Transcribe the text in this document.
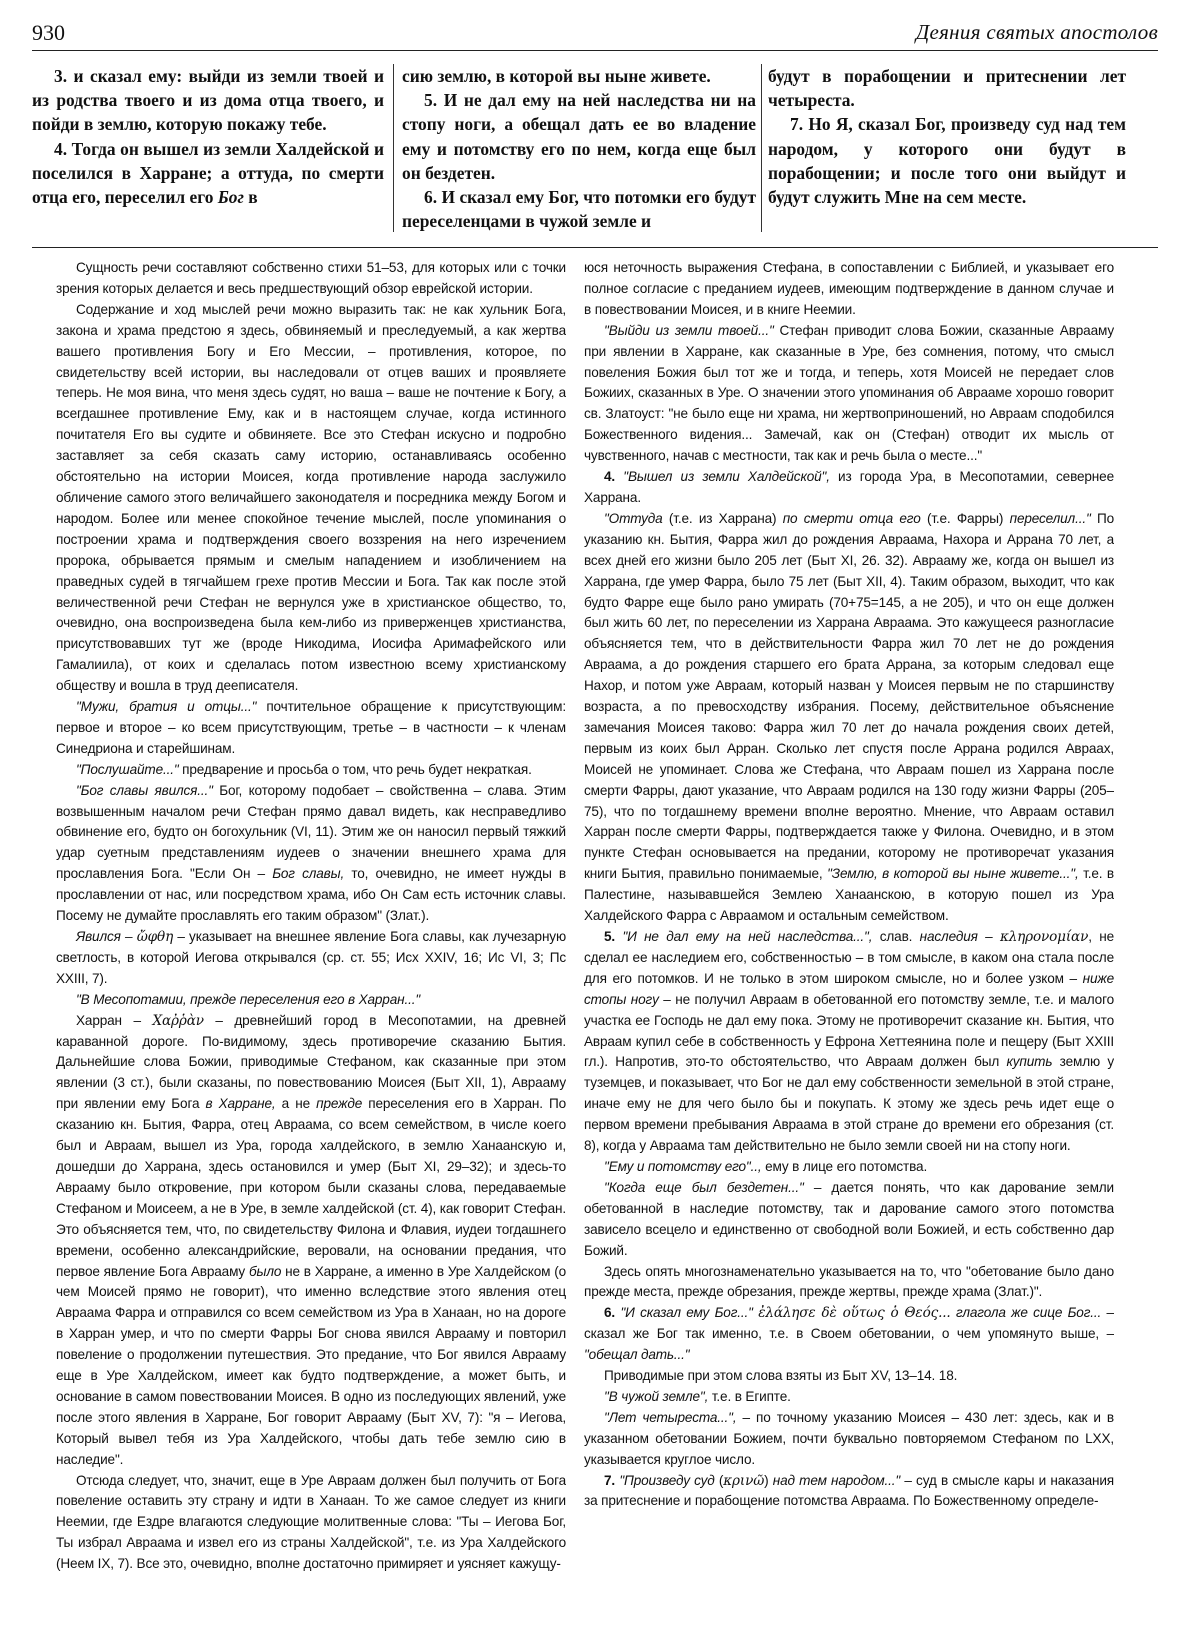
930	Деяния святых апостолов

3. и сказал ему: выйди из земли твоей и из родства твоего и из дома отца твоего, и пойди в землю, которую покажу тебе.

4. Тогда он вышел из земли Халдейской и поселился в Харране; а оттуда, по смерти отца его, переселил его Бог в

сию землю, в которой вы ныне живете.

5. И не дал ему на ней наследства ни на стопу ноги, а обещал дать ее во владение ему и потомству его по нем, когда еще был он бездетен.

6. И сказал ему Бог, что потомки его будут переселенцами в чужой земле и

будут в порабощении и притеснении лет четыреста.

7. Но Я, сказал Бог, произведу суд над тем народом, у которого они будут в порабощении; и после того они выйдут и будут служить Мне на сем месте.

Сущность речи составляют собственно стихи 51–53, для которых или с точки зрения которых делается и весь предшествующий обзор еврейской истории.

Содержание и ход мыслей речи можно выразить так: не как хульник Бога, закона и храма предстою я здесь, обвиняемый и преследуемый, а как жертва вашего противления Богу и Его Мессии, – противления, которое, по свидетельству всей истории, вы наследовали от отцев ваших и проявляете теперь. Не моя вина, что меня здесь судят, но ваша – ваше не почтение к Богу, а всегдашнее противление Ему, как и в настоящем случае, когда истинного почитателя Его вы судите и обвиняете. Все это Стефан искусно и подробно заставляет за себя сказать саму историю, останавливаясь особенно обстоятельно на истории Моисея, когда противление народа заслужило обличение самого этого величайшего законодателя и посредника между Богом и народом. Более или менее спокойное течение мыслей, после упоминания о построении храма и подтверждения своего воззрения на него изречением пророка, обрывается прямым и смелым нападением и изобличением на праведных судей в тягчайшем грехе против Мессии и Бога. Так как после этой величественной речи Стефан не вернулся уже в христианское общество, то, очевидно, она воспроизведена была кем-либо из приверженцев христианства, присутствовавших тут же (вроде Никодима, Иосифа Аримафейского или Гамалиила), от коих и сделалась потом известною всему христианскому обществу и вошла в труд дееписателя.

"Мужи, братия и отцы..." почтительное обращение к присутствующим: первое и второе – ко всем присутствующим, третье – в частности – к членам Синедриона и старейшинам.

"Послушайте..." предварение и просьба о том, что речь будет некраткая.

"Бог славы явился..." Бог, которому подобает – свойственна – слава. Этим возвышенным началом речи Стефан прямо давал видеть, как несправедливо обвинение его, будто он богохульник (VI, 11). Этим же он наносил первый тяжкий удар суетным представлениям иудеев о значении внешнего храма для прославления Бога. "Если Он – Бог славы, то, очевидно, не имеет нужды в прославлении от нас, или посредством храма, ибо Он Сам есть источник славы. Посему не думайте прославлять его таким образом" (Злат.).

Явился – ὤφθη – указывает на внешнее явление Бога славы, как лучезарную светлость, в которой Иегова открывался (ср. ст. 55; Исх XXIV, 16; Ис VI, 3; Пс XXIII, 7).

"В Месопотамии, прежде переселения его в Харран..."

Харран – Χαῤῥὰν – древнейший город в Месопотамии, на древней караванной дороге. По-видимому, здесь противоречие сказанию Бытия. Дальнейшие слова Божии, приводимые Стефаном, как сказанные при этом явлении (3 ст.), были сказаны, по повествованию Моисея (Быт XII, 1), Аврааму при явлении ему Бога в Харране, а не прежде переселения его в Харран. По сказанию кн. Бытия, Фарра, отец Авраама, со всем семейством, в числе коего был и Авраам, вышел из Ура, города халдейского, в землю Ханаанскую и, дошедши до Харрана, здесь остановился и умер (Быт XI, 29–32); и здесь-то Аврааму было откровение, при котором были сказаны слова, передаваемые Стефаном и Моисеем, а не в Уре, в земле халдейской (ст. 4), как говорит Стефан. Это объясняется тем, что, по свидетельству Филона и Флавия, иудеи тогдашнего времени, особенно александрийские, веровали, на основании предания, что первое явление Бога Аврааму было не в Харране, а именно в Уре Халдейском (о чем Моисей прямо не говорит), что именно вследствие этого явления отец Авраама Фарра и отправился со всем семейством из Ура в Ханаан, но на дороге в Харран умер, и что по смерти Фарры Бог снова явился Аврааму и повторил повеление о продолжении путешествия. Это предание, что Бог явился Аврааму еще в Уре Халдейском, имеет как будто подтверждение, а может быть, и основание в самом повествовании Моисея. В одно из последующих явлений, уже после этого явления в Харране, Бог говорит Аврааму (Быт XV, 7): "я – Иегова, Который вывел тебя из Ура Халдейского, чтобы дать тебе землю сию в наследие".

Отсюда следует, что, значит, еще в Уре Авраам должен был получить от Бога повеление оставить эту страну и идти в Ханаан. То же самое следует из книги Неемии, где Ездре влагаются следующие молитвенные слова: "Ты – Иегова Бог, Ты избрал Авраама и извел его из страны Халдейской", т.е. из Ура Халдейского (Неем IX, 7). Все это, очевидно, вполне достаточно примиряет и уясняет кажущу-

юся неточность выражения Стефана, в сопоставлении с Библией, и указывает его полное согласие с преданием иудеев, имеющим подтверждение в данном случае и в повествовании Моисея, и в книге Неемии.

"Выйди из земли твоей..." Стефан приводит слова Божии, сказанные Аврааму при явлении в Харране, как сказанные в Уре, без сомнения, потому, что смысл повеления Божия был тот же и тогда, и теперь, хотя Моисей не передает слов Божиих, сказанных в Уре. О значении этого упоминания об Аврааме хорошо говорит св. Златоуст: "не было еще ни храма, ни жертвоприношений, но Авраам сподобился Божественного видения... Замечай, как он (Стефан) отводит их мысль от чувственного, начав с местности, так как и речь была о месте..."

4. "Вышел из земли Халдейской", из города Ура, в Месопотамии, севернее Харрана.

"Оттуда (т.е. из Харрана) по смерти отца его (т.е. Фарры) переселил..." По указанию кн. Бытия, Фарра жил до рождения Авраама, Нахора и Аррана 70 лет, а всех дней его жизни было 205 лет (Быт XI, 26. 32). Аврааму же, когда он вышел из Харрана, где умер Фарра, было 75 лет (Быт XII, 4). Таким образом, выходит, что как будто Фарре еще было рано умирать (70+75=145, а не 205), и что он еще должен был жить 60 лет, по переселении из Харрана Авраама. Это кажущееся разногласие объясняется тем, что в действительности Фарра жил 70 лет не до рождения Авраама, а до рождения старшего его брата Аррана, за которым следовал еще Нахор, и потом уже Авраам, который назван у Моисея первым не по старшинству возраста, а по превосходству избрания. Посему, действительное объяснение замечания Моисея таково: Фарра жил 70 лет до начала рождения своих детей, первым из коих был Арран. Сколько лет спустя после Аррана родился Авраах, Моисей не упоминает. Слова же Стефана, что Авраам пошел из Харрана после смерти Фарры, дают указание, что Авраам родился на 130 году жизни Фарры (205–75), что по тогдашнему времени вполне вероятно. Мнение, что Авраам оставил Харран после смерти Фарры, подтверждается также у Филона. Очевидно, и в этом пункте Стефан основывается на предании, которому не противоречат указания книги Бытия, правильно понимаемые, "Землю, в которой вы ныне живете...", т.е. в Палестине, называвшейся Землею Ханаанскою, в которую пошел из Ура Халдейского Фарра с Авраамом и остальным семейством.

5. "И не дал ему на ней наследства...", слав. наследия – κληρονομίαν, не сделал ее наследием его, собственностью – в том смысле, в каком она стала после для его потомков. И не только в этом широком смысле, но и более узком – ниже стопы ногу – не получил Авраам в обетованной его потомству земле, т.е. и малого участка ее Господь не дал ему пока. Этому не противоречит сказание кн. Бытия, что Авраам купил себе в собственность у Ефрона Хеттеянина поле и пещеру (Быт XXIII гл.). Напротив, это-то обстоятельство, что Авраам должен был купить землю у туземцев, и показывает, что Бог не дал ему собственности земельной в этой стране, иначе ему не для чего было бы и покупать. К этому же здесь речь идет еще о первом времени пребывания Авраама в этой стране до времени его обрезания (ст. 8), когда у Авраама там действительно не было земли своей ни на стопу ноги.

"Ему и потомству его".., ему в лице его потомства.

"Когда еще был бездетен..." – дается понять, что как дарование земли обетованной в наследие потомству, так и дарование самого этого потомства зависело всецело и единственно от свободной воли Божией, и есть собственно дар Божий.

Здесь опять многознаменательно указывается на то, что "обетование было дано прежде места, прежде обрезания, прежде жертвы, прежде храма (Злат.)".

6. "И сказал ему Бог..." ἐλάλησε δὲ οὕτως ὁ Θεός... глагола же сице Бог... – сказал же Бог так именно, т.е. в Своем обетовании, о чем упомянуто выше, – "обещал дать..."

Приводимые при этом слова взяты из Быт XV, 13–14. 18.

"В чужой земле", т.е. в Египте.

"Лет четыреста...", – по точному указанию Моисея – 430 лет: здесь, как и в указанном обетовании Божием, почти буквально повторяемом Стефаном по LXX, указывается круглое число.

7. "Произведу суд (κρινῶ) над тем народом..." – суд в смысле кары и наказания за притеснение и порабощение потомства Авраама. По Божественному определе-
